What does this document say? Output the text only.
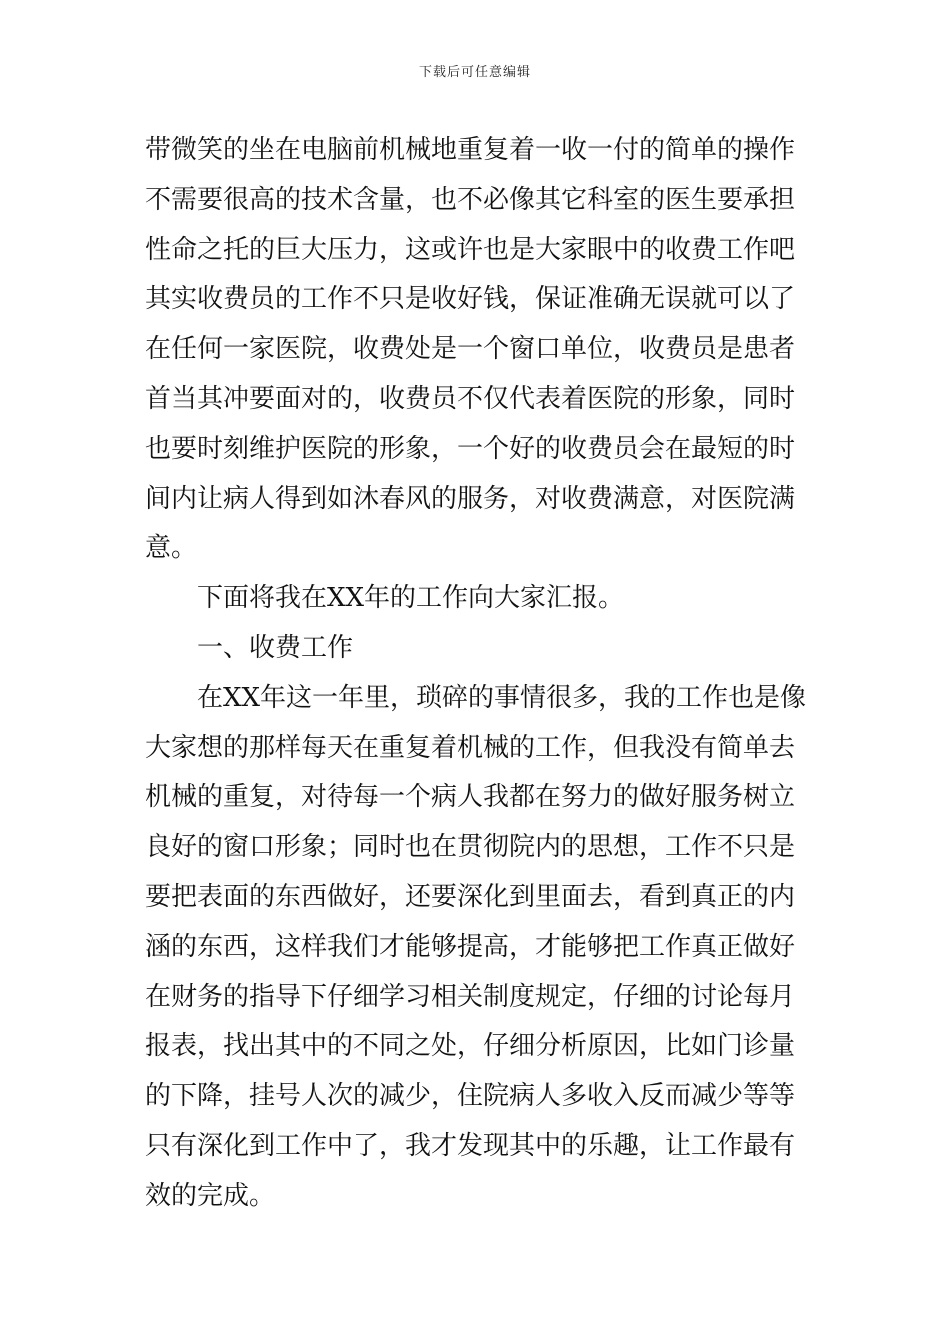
下载后可任意编辑
带微笑的坐在电脑前机械地重复着一收一付的简单的操作
不需要很高的技术含量，也不必像其它科室的医生要承担
性命之托的巨大压力，这或许也是大家眼中的收费工作吧
其实收费员的工作不只是收好钱，保证准确无误就可以了
在任何一家医院，收费处是一个窗口单位，收费员是患者
首当其冲要面对的，收费员不仅代表着医院的形象，同时
也要时刻维护医院的形象，一个好的收费员会在最短的时
间内让病人得到如沐春风的服务，对收费满意，对医院满
意。
下面将我在XX年的工作向大家汇报。
一、收费工作
在XX年这一年里，琐碎的事情很多，我的工作也是像
大家想的那样每天在重复着机械的工作，但我没有简单去
机械的重复，对待每一个病人我都在努力的做好服务树立
良好的窗口形象；同时也在贯彻院内的思想，工作不只是
要把表面的东西做好，还要深化到里面去，看到真正的内
涵的东西，这样我们才能够提高，才能够把工作真正做好
在财务的指导下仔细学习相关制度规定，仔细的讨论每月
报表，找出其中的不同之处，仔细分析原因，比如门诊量
的下降，挂号人次的减少，住院病人多收入反而减少等等
只有深化到工作中了，我才发现其中的乐趣，让工作最有
效的完成。
